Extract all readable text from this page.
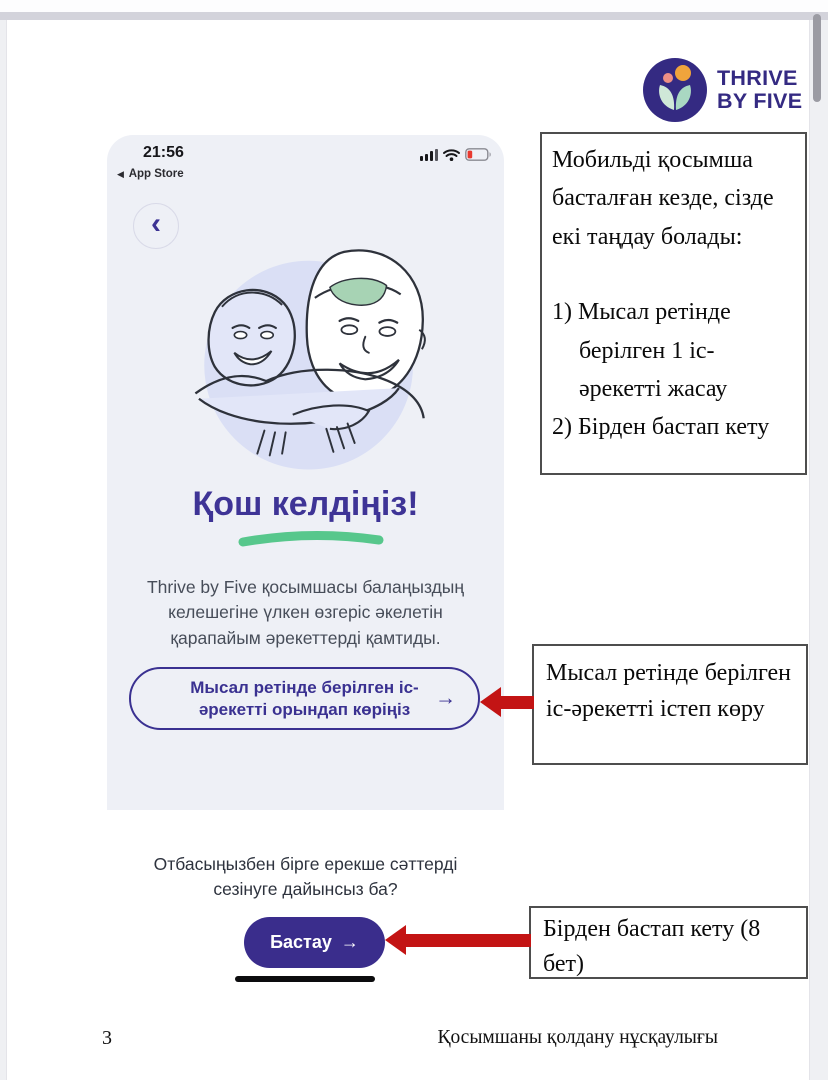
THRIVE
BY FIVE
21:56
◀ App Store
‹
Қош келдіңіз!
Thrive by Five қосымшасы балаңыздың келешегіне үлкен өзгеріс әкелетін қарапайым әрекеттерді қамтиды.
Мысал ретінде берілген іс-әрекетті орындап көріңіз	→
Отбасыңызбен бірге ерекше сәттерді сезінуге дайынсыз ба?
Бастау →
Мобильді қосымша басталған кезде, сізде екі таңдау болады:
1) Мысал ретінде берілген 1 іс-әрекетті жасау
2) Бірден бастап кету
Мысал ретінде берілген іс-әрекетті істеп көру
Бірден бастап кету (8 бет)
3	Қосымшаны қолдану нұсқаулығы
